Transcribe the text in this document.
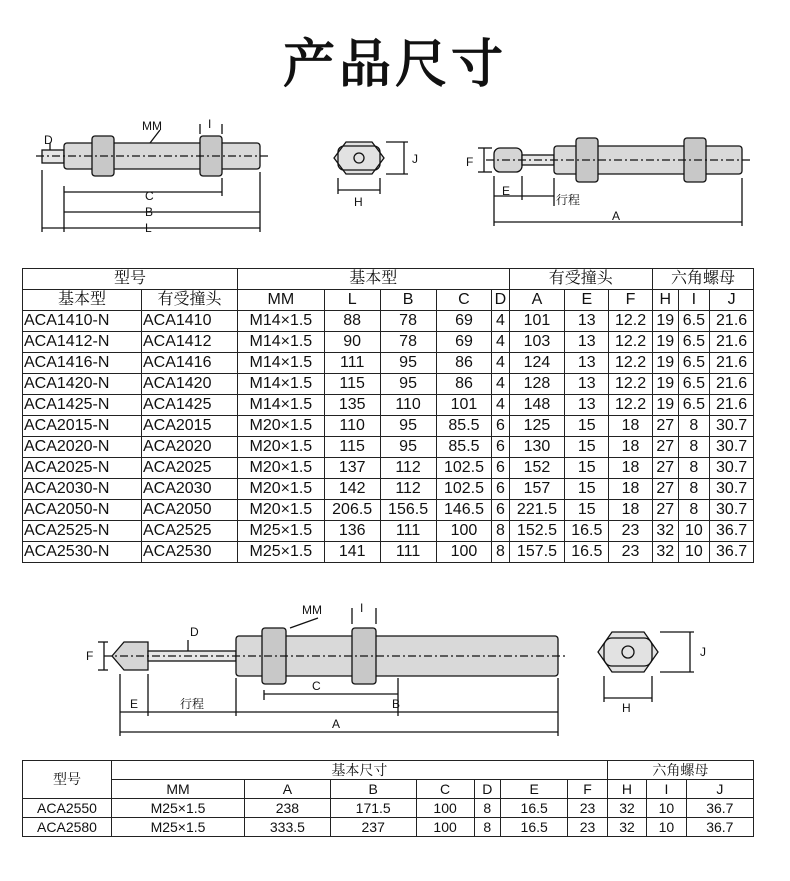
产品尺寸
D
MM	I
C
B
L
J
H
F
E
行程
A
型号		基本型					有受撞头			六角螺母		
基本型	有受撞头	MM	L	B	C	D	A	E	F	H	I	J
ACA1410-N	ACA1410	M14×1.5	88	78	69	4	101	13	12.2	19	6.5	21.6
ACA1412-N	ACA1412	M14×1.5	90	78	69	4	103	13	12.2	19	6.5	21.6
ACA1416-N	ACA1416	M14×1.5	111	95	86	4	124	13	12.2	19	6.5	21.6
ACA1420-N	ACA1420	M14×1.5	115	95	86	4	128	13	12.2	19	6.5	21.6
ACA1425-N	ACA1425	M14×1.5	135	110	101	4	148	13	12.2	19	6.5	21.6
ACA2015-N	ACA2015	M20×1.5	110	95	85.5	6	125	15	18	27	8	30.7
ACA2020-N	ACA2020	M20×1.5	115	95	85.5	6	130	15	18	27	8	30.7
ACA2025-N	ACA2025	M20×1.5	137	112	102.5	6	152	15	18	27	8	30.7
ACA2030-N	ACA2030	M20×1.5	142	112	102.5	6	157	15	18	27	8	30.7
ACA2050-N	ACA2050	M20×1.5	206.5	156.5	146.5	6	221.5	15	18	27	8	30.7
ACA2525-N	ACA2525	M25×1.5	136	111	100	8	152.5	16.5	23	32	10	36.7
ACA2530-N	ACA2530	M25×1.5	141	111	100	8	157.5	16.5	23	32	10	36.7
MM	I
D
F
C
E	行程	B
A
J
H
型号	基本尺寸							六角螺母		
	MM	A	B	C	D	E	F	H	I	J
ACA2550	M25×1.5	238	171.5	100	8	16.5	23	32	10	36.7
ACA2580	M25×1.5	333.5	237	100	8	16.5	23	32	10	36.7
